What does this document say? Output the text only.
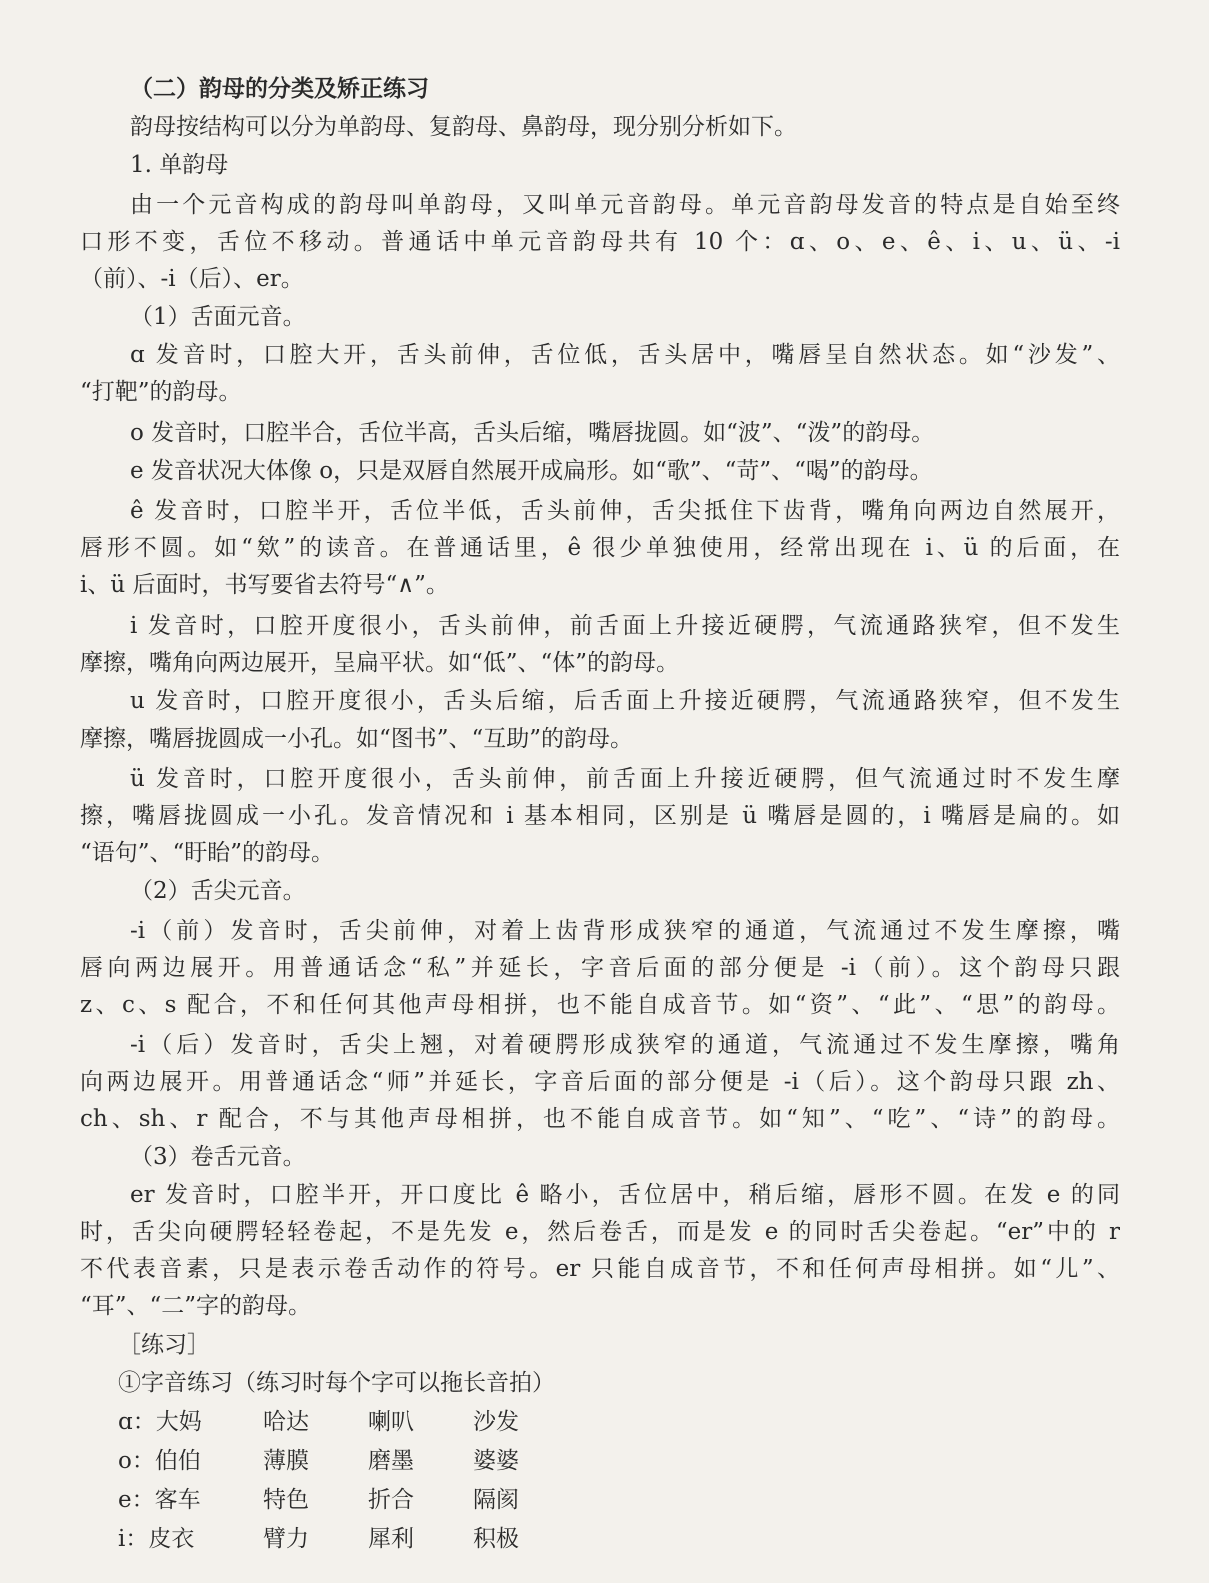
（二）韵母的分类及矫正练习
韵母按结构可以分为单韵母、复韵母、鼻韵母，现分别分析如下。
1. 单韵母
由一个元音构成的韵母叫单韵母，又叫单元音韵母。单元音韵母发音的特点是自始至终
口形不变，舌位不移动。普通话中单元音韵母共有 10 个：ɑ、o、e、ê、i、u、ü、-i
（前）、-i（后）、er。
（1）舌面元音。
ɑ 发音时，口腔大开，舌头前伸，舌位低，舌头居中，嘴唇呈自然状态。如“沙发”、
“打靶”的韵母。
o 发音时，口腔半合，舌位半高，舌头后缩，嘴唇拢圆。如“波”、“泼”的韵母。
e 发音状况大体像 o，只是双唇自然展开成扁形。如“歌”、“苛”、“喝”的韵母。
ê 发音时，口腔半开，舌位半低，舌头前伸，舌尖抵住下齿背，嘴角向两边自然展开，
唇形不圆。如“欸”的读音。在普通话里，ê 很少单独使用，经常出现在 i、ü 的后面，在
i、ü 后面时，书写要省去符号“∧”。
i 发音时，口腔开度很小，舌头前伸，前舌面上升接近硬腭，气流通路狭窄，但不发生
摩擦，嘴角向两边展开，呈扁平状。如“低”、“体”的韵母。
u 发音时，口腔开度很小，舌头后缩，后舌面上升接近硬腭，气流通路狭窄，但不发生
摩擦，嘴唇拢圆成一小孔。如“图书”、“互助”的韵母。
ü 发音时，口腔开度很小，舌头前伸，前舌面上升接近硬腭，但气流通过时不发生摩
擦，嘴唇拢圆成一小孔。发音情况和 i 基本相同，区别是 ü 嘴唇是圆的，i 嘴唇是扁的。如
“语句”、“盱眙”的韵母。
（2）舌尖元音。
-i（前）发音时，舌尖前伸，对着上齿背形成狭窄的通道，气流通过不发生摩擦，嘴
唇向两边展开。用普通话念“私”并延长，字音后面的部分便是 -i（前）。这个韵母只跟
z、c、s 配合，不和任何其他声母相拼，也不能自成音节。如“资”、“此”、“思”的韵母。
-i（后）发音时，舌尖上翘，对着硬腭形成狭窄的通道，气流通过不发生摩擦，嘴角
向两边展开。用普通话念“师”并延长，字音后面的部分便是 -i（后）。这个韵母只跟 zh、
ch、sh、r 配合，不与其他声母相拼，也不能自成音节。如“知”、“吃”、“诗”的韵母。
（3）卷舌元音。
er 发音时，口腔半开，开口度比 ê 略小，舌位居中，稍后缩，唇形不圆。在发 e 的同
时，舌尖向硬腭轻轻卷起，不是先发 e，然后卷舌，而是发 e 的同时舌尖卷起。“er”中的 r
不代表音素，只是表示卷舌动作的符号。er 只能自成音节，不和任何声母相拼。如“儿”、
“耳”、“二”字的韵母。
［练习］
①字音练习（练习时每个字可以拖长音拍）
ɑ：大妈	哈达	喇叭	沙发
o：伯伯	薄膜	磨墨	婆婆
e：客车	特色	折合	隔阂
i：皮衣	臂力	犀利	积极
